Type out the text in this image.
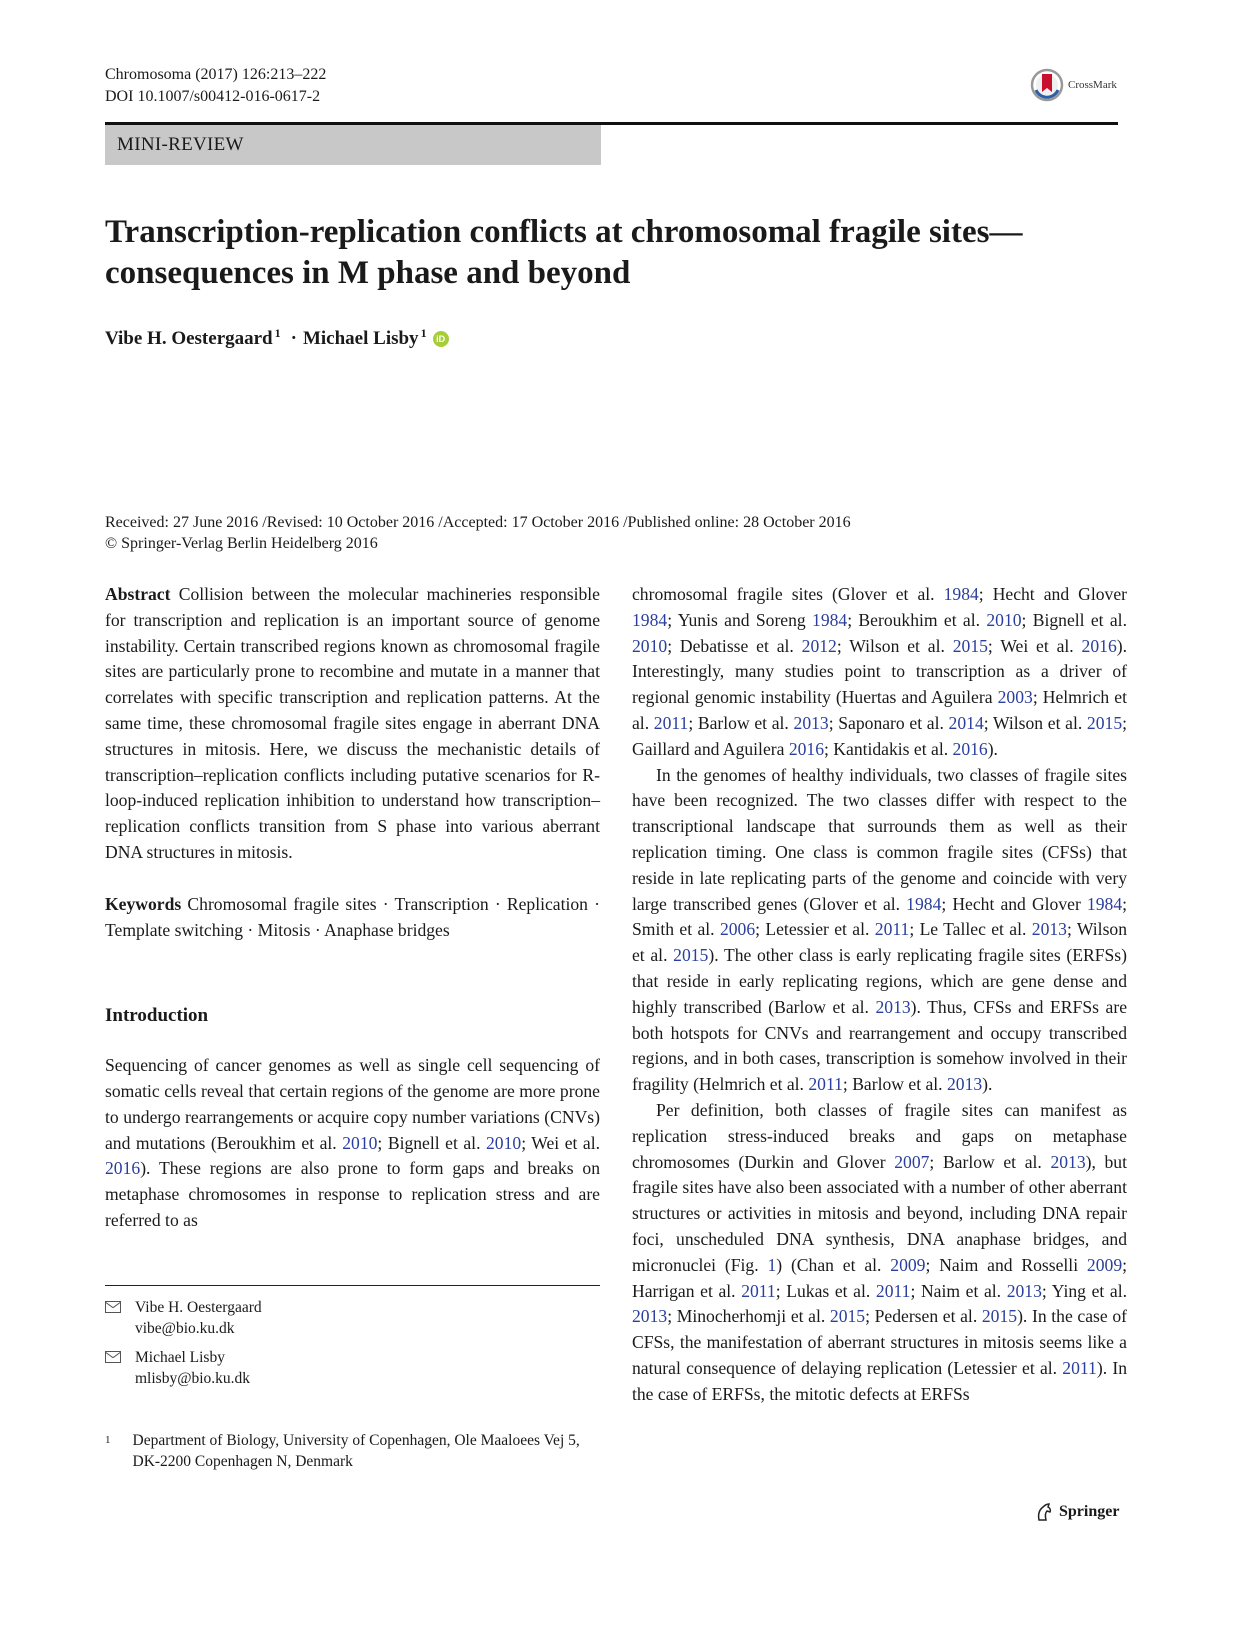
Chromosoma (2017) 126:213–222
DOI 10.1007/s00412-016-0617-2
CrossMark
MINI-REVIEW
Transcription-replication conflicts at chromosomal fragile sites—consequences in M phase and beyond
Vibe H. Oestergaard$^1$ · Michael Lisby$^1$	iD
Received: 27 June 2016 /Revised: 10 October 2016 /Accepted: 17 October 2016 /Published online: 28 October 2016
© Springer-Verlag Berlin Heidelberg 2016

Abstract Collision between the molecular machineries responsible for transcription and replication is an important source of genome instability. Certain transcribed regions known as chromosomal fragile sites are particularly prone to recombine and mutate in a manner that correlates with specific transcription and replication patterns. At the same time, these chromosomal fragile sites engage in aberrant DNA structures in mitosis. Here, we discuss the mechanistic details of transcription–replication conflicts including putative scenarios for R-loop-induced replication inhibition to understand how transcription–replication conflicts transition from S phase into various aberrant DNA structures in mitosis.

Keywords Chromosomal fragile sites · Transcription · Replication · Template switching · Mitosis · Anaphase bridges

Introduction

Sequencing of cancer genomes as well as single cell sequencing of somatic cells reveal that certain regions of the genome are more prone to undergo rearrangements or acquire copy number variations (CNVs) and mutations (Beroukhim et al. 2010; Bignell et al. 2010; Wei et al. 2016). These regions are also prone to form gaps and breaks on metaphase chromosomes in response to replication stress and are referred to as

Vibe H. Oestergaard
vibe@bio.ku.dk
Michael Lisby
mlisby@bio.ku.dk
1 Department of Biology, University of Copenhagen, Ole Maaloees Vej 5, DK-2200 Copenhagen N, Denmark

chromosomal fragile sites (Glover et al. 1984; Hecht and Glover 1984; Yunis and Soreng 1984; Beroukhim et al. 2010; Bignell et al. 2010; Debatisse et al. 2012; Wilson et al. 2015; Wei et al. 2016). Interestingly, many studies point to transcription as a driver of regional genomic instability (Huertas and Aguilera 2003; Helmrich et al. 2011; Barlow et al. 2013; Saponaro et al. 2014; Wilson et al. 2015; Gaillard and Aguilera 2016; Kantidakis et al. 2016).

In the genomes of healthy individuals, two classes of fragile sites have been recognized. The two classes differ with respect to the transcriptional landscape that surrounds them as well as their replication timing. One class is common fragile sites (CFSs) that reside in late replicating parts of the genome and coincide with very large transcribed genes (Glover et al. 1984; Hecht and Glover 1984; Smith et al. 2006; Letessier et al. 2011; Le Tallec et al. 2013; Wilson et al. 2015). The other class is early replicating fragile sites (ERFSs) that reside in early replicating regions, which are gene dense and highly transcribed (Barlow et al. 2013). Thus, CFSs and ERFSs are both hotspots for CNVs and rearrangement and occupy transcribed regions, and in both cases, transcription is somehow involved in their fragility (Helmrich et al. 2011; Barlow et al. 2013).

Per definition, both classes of fragile sites can manifest as replication stress-induced breaks and gaps on metaphase chromosomes (Durkin and Glover 2007; Barlow et al. 2013), but fragile sites have also been associated with a number of other aberrant structures or activities in mitosis and beyond, including DNA repair foci, unscheduled DNA synthesis, DNA anaphase bridges, and micronuclei (Fig. 1) (Chan et al. 2009; Naim and Rosselli 2009; Harrigan et al. 2011; Lukas et al. 2011; Naim et al. 2013; Ying et al. 2013; Minocherhomji et al. 2015; Pedersen et al. 2015). In the case of CFSs, the manifestation of aberrant structures in mitosis seems like a natural consequence of delaying replication (Letessier et al. 2011). In the case of ERFSs, the mitotic defects at ERFSs

Springer
